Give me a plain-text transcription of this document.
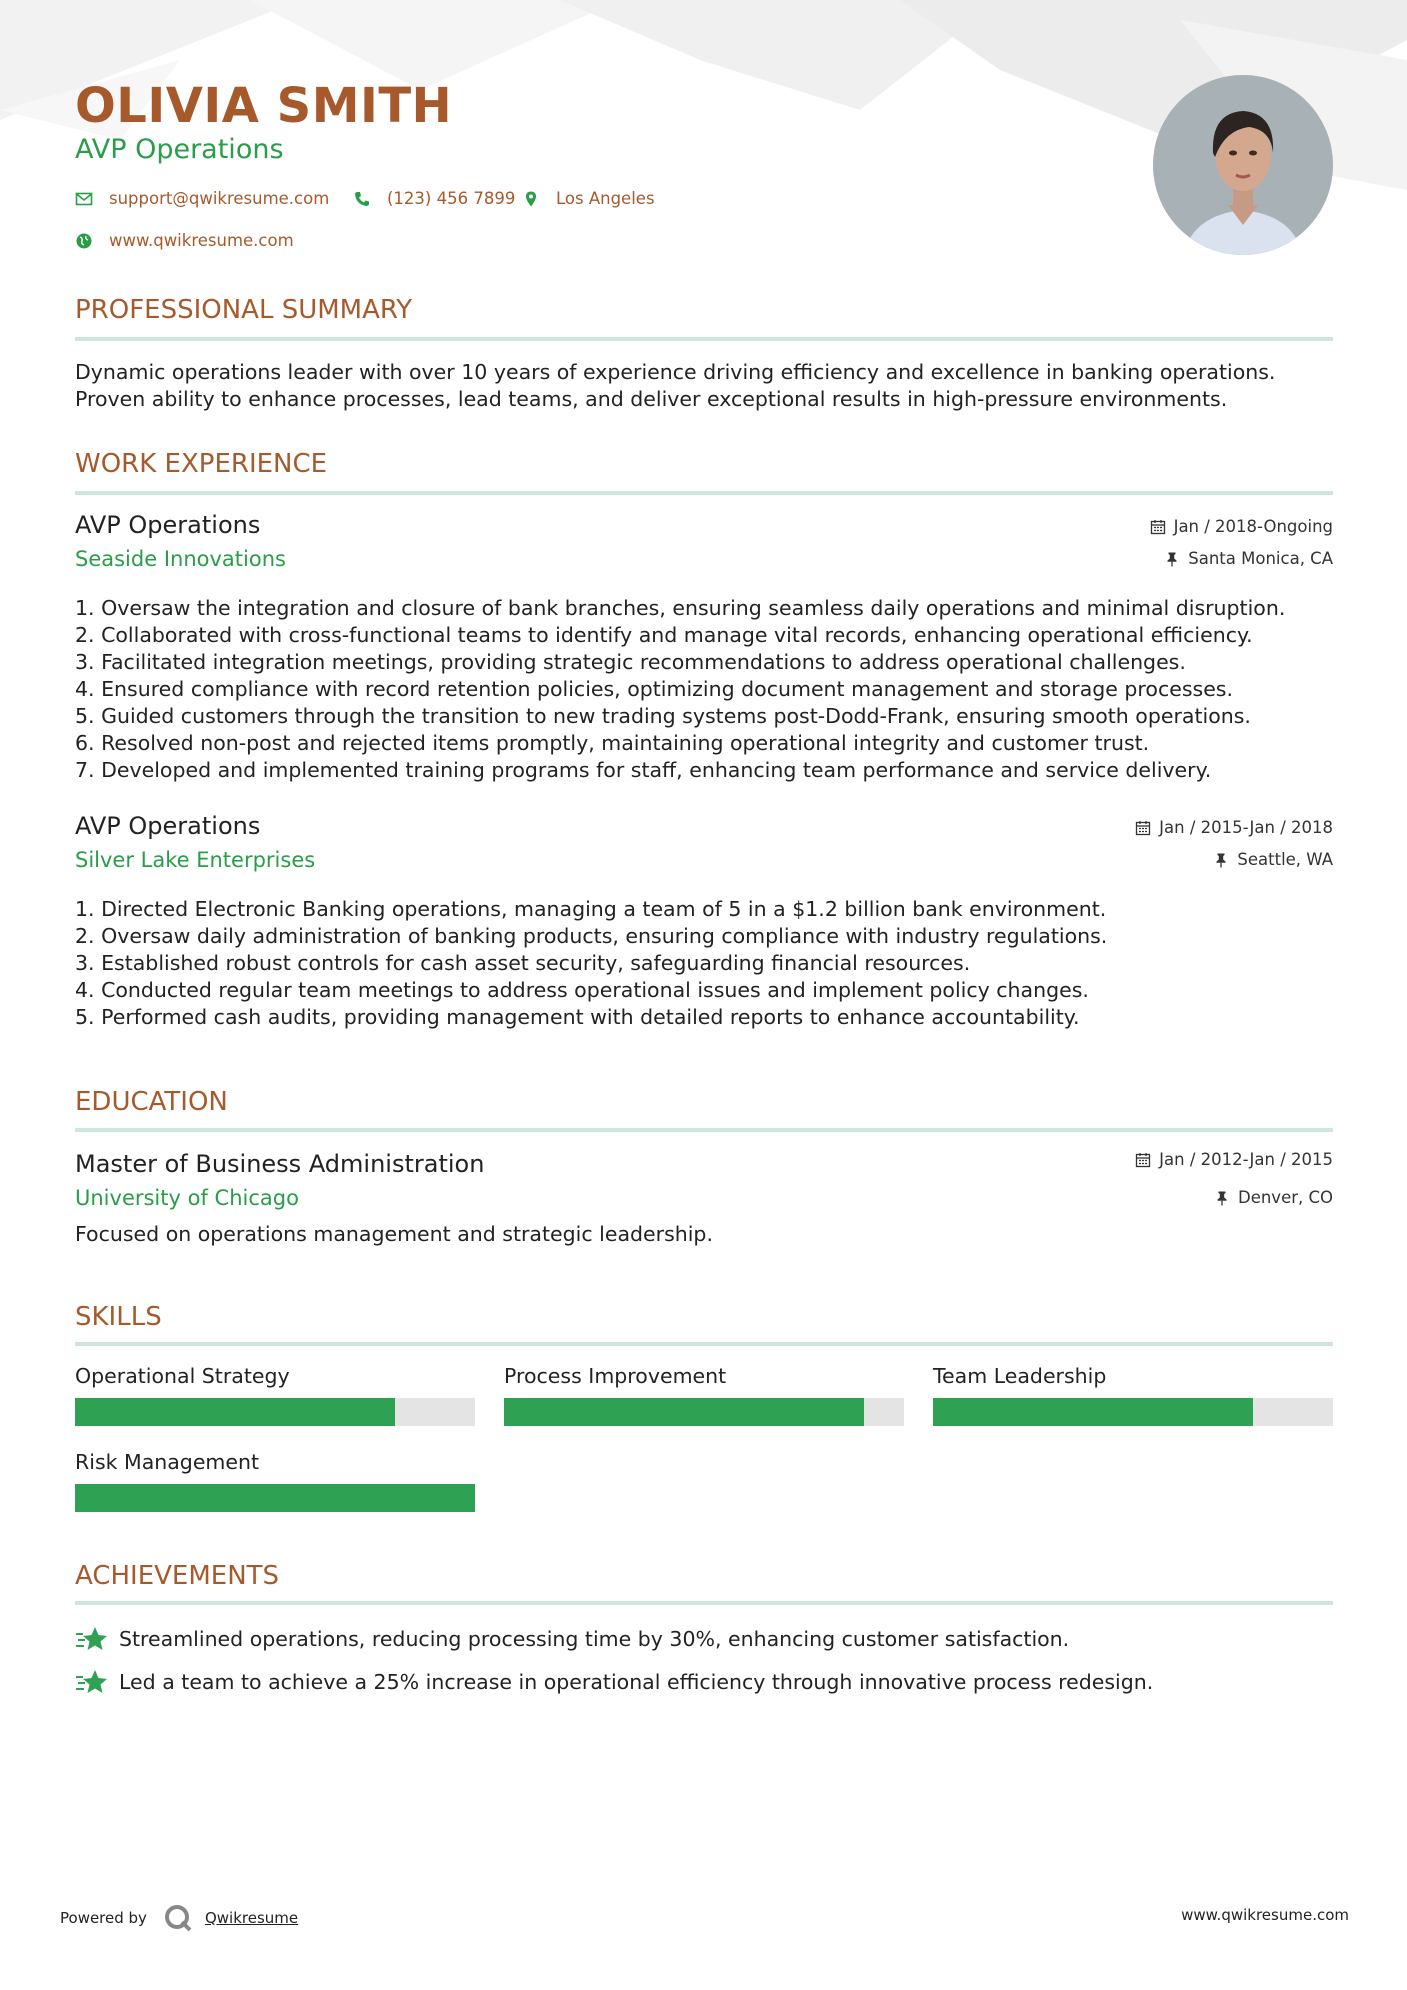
OLIVIA SMITH
AVP Operations
support@qwikresume.com	(123) 456 7899 Los Angeles
www.qwikresume.com
PROFESSIONAL SUMMARY
Dynamic operations leader with over 10 years of experience driving efficiency and excellence in banking operations.
Proven ability to enhance processes, lead teams, and deliver exceptional results in high-pressure environments.
WORK EXPERIENCE
AVP Operations
Seaside Innovations
Jan / 2018-Ongoing
Santa Monica, CA
1. Oversaw the integration and closure of bank branches, ensuring seamless daily operations and minimal disruption.
2. Collaborated with cross-functional teams to identify and manage vital records, enhancing operational efficiency.
3. Facilitated integration meetings, providing strategic recommendations to address operational challenges.
4. Ensured compliance with record retention policies, optimizing document management and storage processes.
5. Guided customers through the transition to new trading systems post-Dodd-Frank, ensuring smooth operations.
6. Resolved non-post and rejected items promptly, maintaining operational integrity and customer trust.
7. Developed and implemented training programs for staff, enhancing team performance and service delivery.
AVP Operations
Silver Lake Enterprises
Jan / 2015-Jan / 2018
Seattle, WA
1. Directed Electronic Banking operations, managing a team of 5 in a $1.2 billion bank environment.
2. Oversaw daily administration of banking products, ensuring compliance with industry regulations.
3. Established robust controls for cash asset security, safeguarding financial resources.
4. Conducted regular team meetings to address operational issues and implement policy changes.
5. Performed cash audits, providing management with detailed reports to enhance accountability.
EDUCATION
Master of Business Administration
University of Chicago
Jan / 2012-Jan / 2015
Denver, CO
Focused on operations management and strategic leadership.
SKILLS
Operational Strategy	Process Improvement	Team Leadership
Risk Management
ACHIEVEMENTS
Streamlined operations, reducing processing time by 30%, enhancing customer satisfaction.
Led a team to achieve a 25% increase in operational efficiency through innovative process redesign.
Powered by	Qwikresume	www.qwikresume.com
